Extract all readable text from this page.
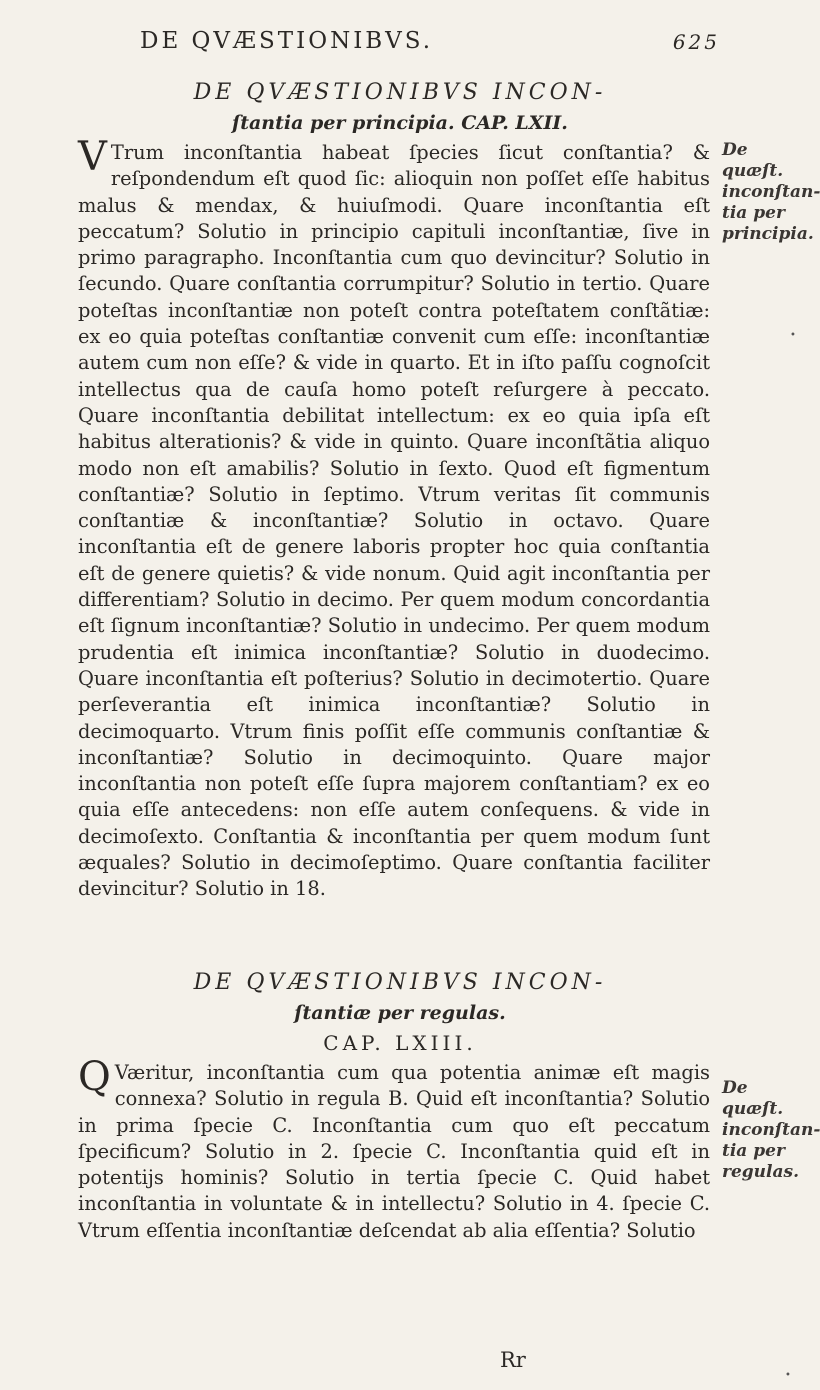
DE QVÆSTIONIBVS.	625
DE QVÆSTIONIBVS INCON-
ſtantia per principia. CAP. LXII.

V Trum inconſtantia habeat ſpecies ſicut conſtantia? & reſpondendum eſt quod ſic: alioquin non poſſet eſſe habitus malus & mendax, & huiuſmodi. Quare inconſtantia eſt peccatum? Solutio in principio capituli inconſtantiæ, ſive in primo paragrapho. Inconſtantia cum quo devincitur? Solutio in ſecundo. Quare conſtantia corrumpitur? Solutio in tertio. Quare poteſtas inconſtantiæ non poteſt contra poteſtatem conſtãtiæ: ex eo quia poteſtas conſtantiæ convenit cum eſſe: inconſtantiæ autem cum non eſſe? & vide in quarto. Et in iſto paſſu cognoſcit intellectus qua de cauſa homo poteſt reſurgere à peccato. Quare inconſtantia debilitat intellectum: ex eo quia ipſa eſt habitus alterationis? & vide in quinto. Quare inconſtãtia aliquo modo non eſt amabilis? Solutio in ſexto. Quod eſt figmentum conſtantiæ? Solutio in ſeptimo. Vtrum veritas ſit communis conſtantiæ & inconſtantiæ? Solutio in octavo. Quare inconſtantia eſt de genere laboris propter hoc quia conſtantia eſt de genere quietis? & vide nonum. Quid agit inconſtantia per differentiam? Solutio in decimo. Per quem modum concordantia eſt ſignum inconſtantiæ? Solutio in undecimo. Per quem modum prudentia eſt inimica inconſtantiæ? Solutio in duodecimo. Quare inconſtantia eſt poſterius? Solutio in decimotertio. Quare perſeverantia eſt inimica inconſtantiæ? Solutio in decimoquarto. Vtrum finis poſſit eſſe communis conſtantiæ & inconſtantiæ? Solutio in decimoquinto. Quare major inconſtantia non poteſt eſſe ſupra majorem conſtantiam? ex eo quia eſſe antecedens: non eſſe autem conſequens. & vide in decimoſexto. Conſtantia & inconſtantia per quem modum ſunt æquales? Solutio in decimoſeptimo. Quare conſtantia faciliter devincitur? Solutio in 18.

De quæſt. inconſtan-tia per principia.
DE QVÆSTIONIBVS INCON-
ſtantiæ per regulas.
CAP. LXIII.

Q Væritur, inconſtantia cum qua potentia animæ eſt magis connexa? Solutio in regula B. Quid eſt inconſtantia? Solutio in prima ſpecie C. Inconſtantia cum quo eſt peccatum ſpecificum? Solutio in 2. ſpecie C. Inconſtantia quid eſt in potentijs hominis? Solutio in tertia ſpecie C. Quid habet inconſtantia in voluntate & in intellectu? Solutio in 4. ſpecie C. Vtrum eſſentia inconſtantiæ deſcendat ab alia eſſentia? Solutio

De quæſt. inconſtan-tia per regulas.
Rr
•
•
